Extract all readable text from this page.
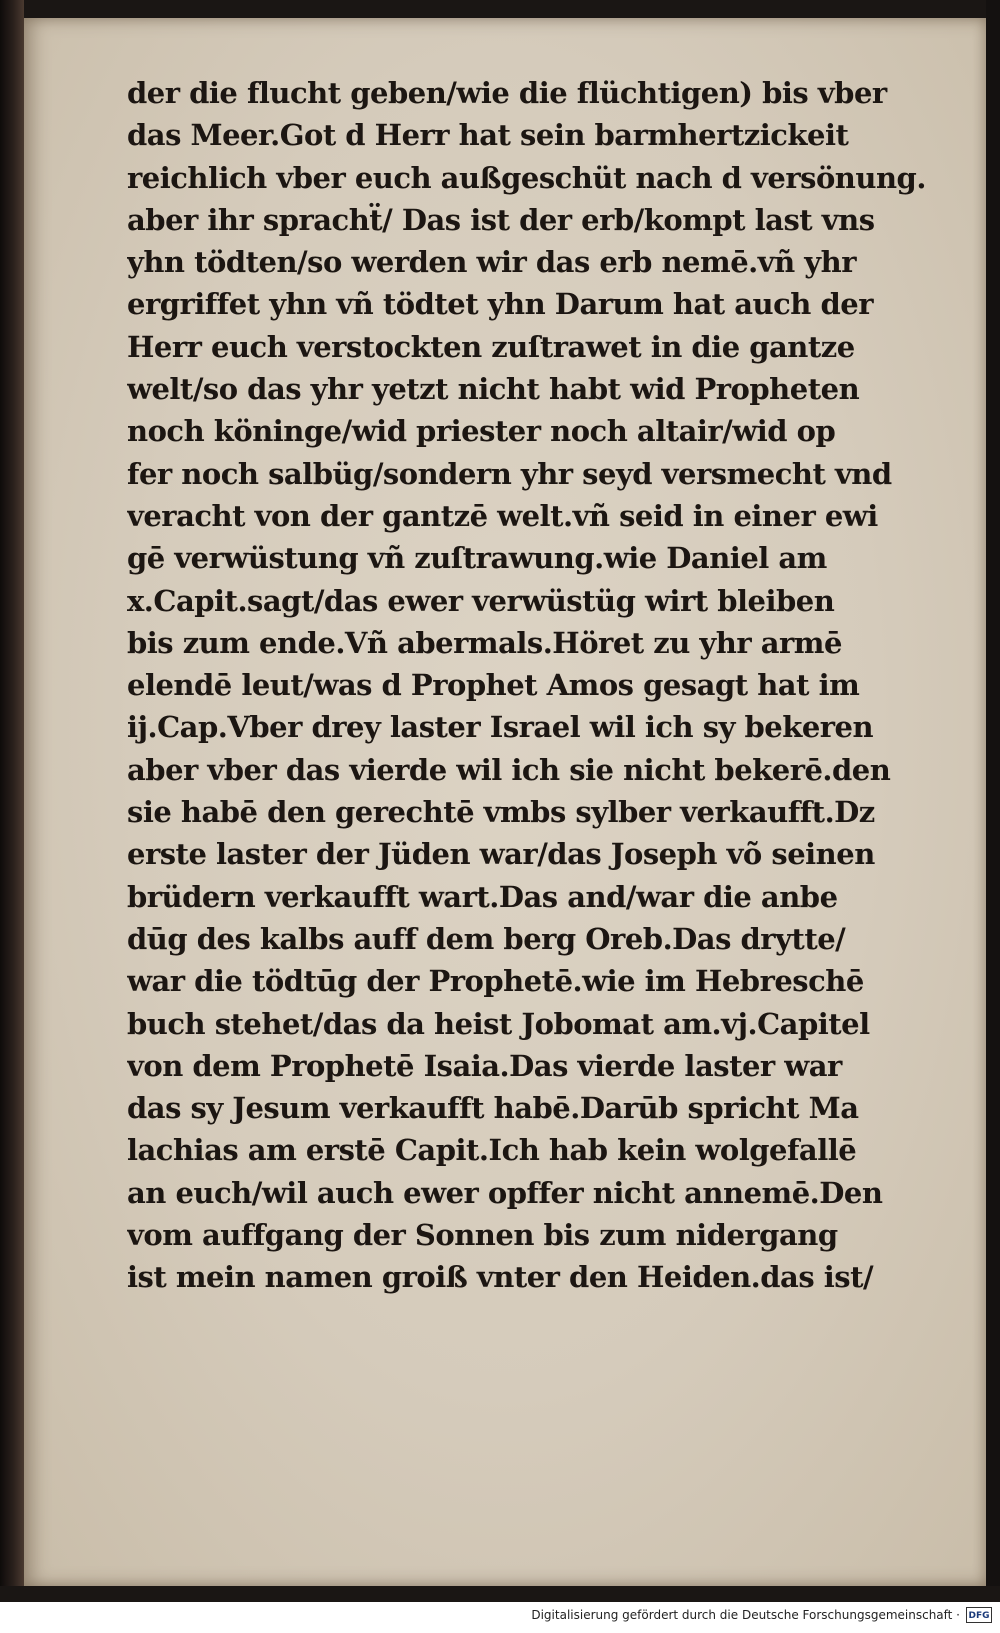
der die flucht geben/wie die flüchtigen) bis vber
das Meer.Got d Herr hat sein barmhertzickeit
reichlich vber euch außgeschüt nach d versönung.
aber ihr sprachẗ/ Das ist der erb/kompt last vns
yhn tödten/so werden wir das erb nemē.vñ yhr
ergriffet yhn vñ tödtet yhn Darum hat auch der
Herr euch verstockten zuſtrawet in die gantze
welt/so das yhr yetzt nicht habt wid Propheten
noch köninge/wid priester noch altair/wid op
fer noch salbüg/sondern yhr seyd versmecht vnd
veracht von der gantzē welt.vñ seid in einer ewi
gē verwüstung vñ zuſtrawung.wie Daniel am
x.Capit.sagt/das ewer verwüstüg wirt bleiben
bis zum ende.Vñ abermals.Höret zu yhr armē
elendē leut/was d Prophet Amos gesagt hat im
ij.Cap.Vber drey laster Israel wil ich sy bekeren
aber vber das vierde wil ich sie nicht bekerē.den
sie habē den gerechtē vmbs sylber verkaufft.Dz
erste laster der Jüden war/das Joseph võ seinen
brüdern verkaufft wart.Das and/war die anbe
dūg des kalbs auff dem berg Oreb.Das drytte/
war die tödtūg der Prophetē.wie im Hebreschē
buch stehet/das da heist Jobomat am.vj.Capitel
von dem Prophetē Isaia.Das vierde laster war
das sy Jesum verkaufft habē.Darūb spricht Ma
lachias am erstē Capit.Ich hab kein wolgefallē
an euch/wil auch ewer opffer nicht annemē.Den
vom auffgang der Sonnen bis zum nidergang
ist mein namen groiß vnter den Heiden.das ist/
Digitalisierung gefördert durch die Deutsche Forschungsgemeinschaft · DFG
